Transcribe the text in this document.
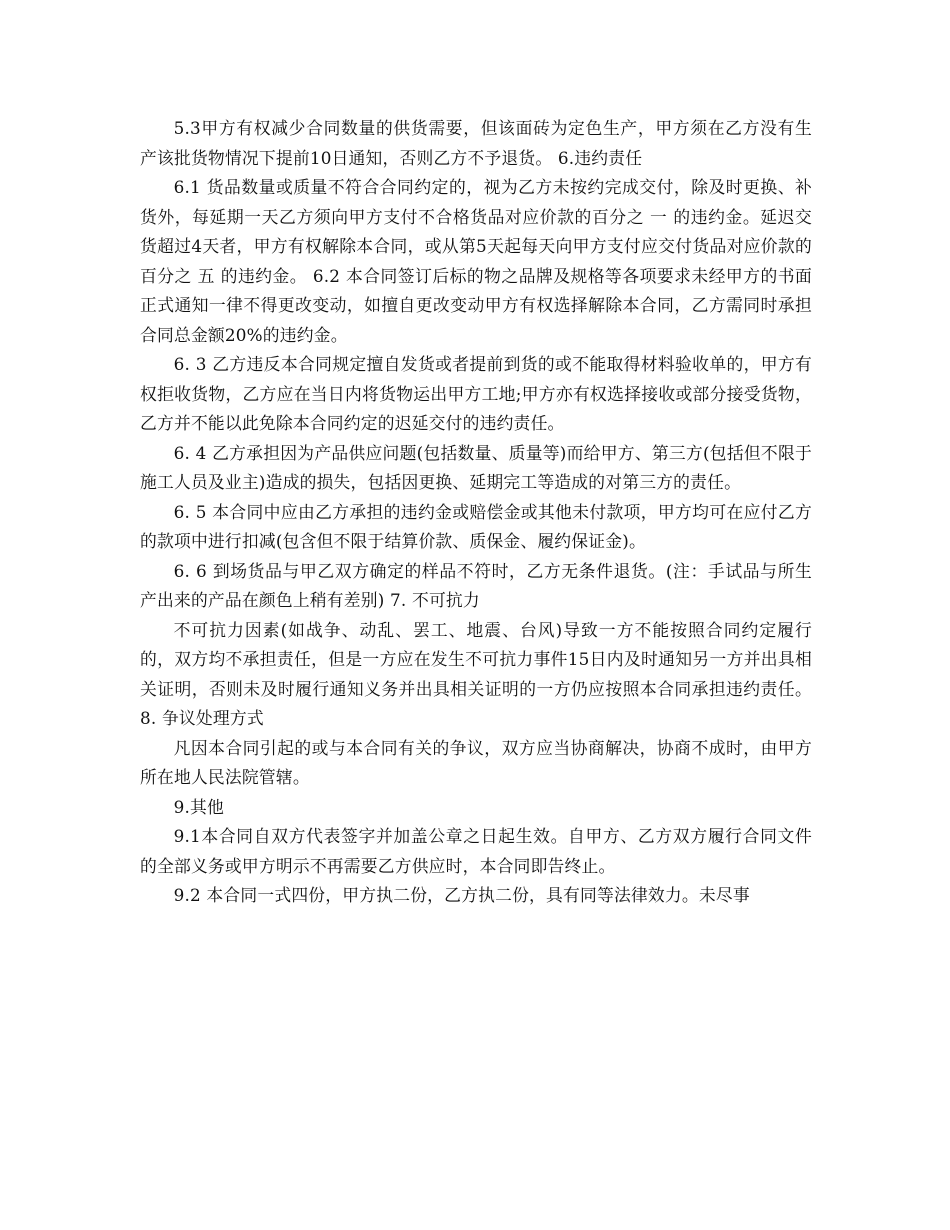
5.3甲方有权减少合同数量的供货需要，但该面砖为定色生产，甲方须在乙方没有生产该批货物情况下提前10日通知，否则乙方不予退货。 6.违约责任

6.1 货品数量或质量不符合合同约定的，视为乙方未按约完成交付，除及时更换、补货外，每延期一天乙方须向甲方支付不合格货品对应价款的百分之 一 的违约金。延迟交货超过4天者，甲方有权解除本合同，或从第5天起每天向甲方支付应交付货品对应价款的百分之 五 的违约金。 6.2 本合同签订后标的物之品牌及规格等各项要求未经甲方的书面正式通知一律不得更改变动，如擅自更改变动甲方有权选择解除本合同，乙方需同时承担合同总金额20%的违约金。

6. 3 乙方违反本合同规定擅自发货或者提前到货的或不能取得材料验收单的，甲方有权拒收货物，乙方应在当日内将货物运出甲方工地;甲方亦有权选择接收或部分接受货物，乙方并不能以此免除本合同约定的迟延交付的违约责任。

6. 4 乙方承担因为产品供应问题(包括数量、质量等)而给甲方、第三方(包括但不限于施工人员及业主)造成的损失，包括因更换、延期完工等造成的对第三方的责任。

6. 5 本合同中应由乙方承担的违约金或赔偿金或其他未付款项，甲方均可在应付乙方的款项中进行扣减(包含但不限于结算价款、质保金、履约保证金)。

6. 6 到场货品与甲乙双方确定的样品不符时，乙方无条件退货。(注：手试品与所生产出来的产品在颜色上稍有差别) 7. 不可抗力

不可抗力因素(如战争、动乱、罢工、地震、台风)导致一方不能按照合同约定履行的，双方均不承担责任，但是一方应在发生不可抗力事件15日内及时通知另一方并出具相关证明，否则未及时履行通知义务并出具相关证明的一方仍应按照本合同承担违约责任。 8. 争议处理方式

凡因本合同引起的或与本合同有关的争议，双方应当协商解决，协商不成时，由甲方所在地人民法院管辖。

9.其他

9.1本合同自双方代表签字并加盖公章之日起生效。自甲方、乙方双方履行合同文件的全部义务或甲方明示不再需要乙方供应时，本合同即告终止。

9.2 本合同一式四份，甲方执二份，乙方执二份，具有同等法律效力。未尽事
